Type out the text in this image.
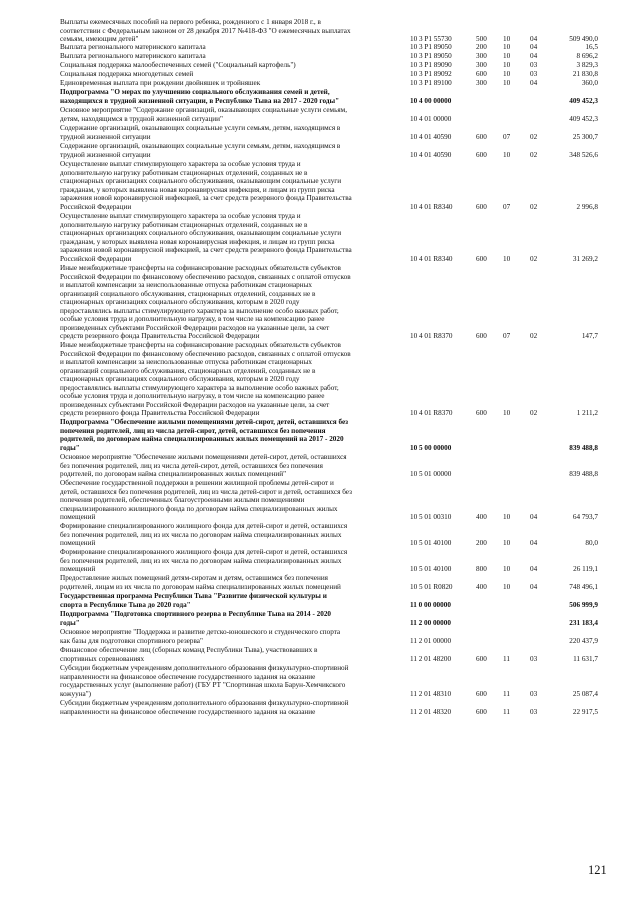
Выплаты ежемесячных пособий на первого ребенка, рожденного с 1 января 2018 г., в
соответствии с Федеральным законом от 28 декабря 2017 №418-ФЗ "О ежемесячных выплатах
семьям, имеющим детей"	10 3 P1 55730	500	10	04	509 490,0
Выплата регионального материнского капитала	10 3 P1 89050	200	10	04	16,5
Выплата регионального материнского капитала	10 3 P1 89050	300	10	04	8 696,2
Социальная поддержка малообеспеченных семей ("Социальный картофель")	10 3 P1 89090	300	10	03	3 829,3
Социальная поддержка многодетных семей	10 3 P1 89092	600	10	03	21 830,8
Единовременная выплата при рождении двойняшек и тройняшек	10 3 P1 89100	300	10	04	360,0
Подпрограмма "О мерах по улучшению социального обслуживания семей и детей,
находящихся в трудной жизненной ситуации, в Республике Тыва на 2017 - 2020 годы"	10 4 00 00000	409 452,3
Основное мероприятие "Содержание организаций, оказывающих социальные услуги семьям,
детям, находящимся в трудной жизненной ситуации"	10 4 01 00000	409 452,3
Содержание организаций, оказывающих социальные услуги семьям, детям, находящимся в
трудной жизненной ситуации	10 4 01 40590	600	07	02	25 300,7
Содержание организаций, оказывающих социальные услуги семьям, детям, находящимся в
трудной жизненной ситуации	10 4 01 40590	600	10	02	348 526,6
Осуществление выплат стимулирующего характера за особые условия труда и
дополнительную нагрузку работникам стационарных отделений, созданных не в
стационарных организациях социального обслуживания, оказывающим социальные услуги
гражданам, у которых выявлена новая коронавирусная инфекция, и лицам из групп риска
заражения новой коронавирусной инфекцией, за счет средств резервного фонда Правительства
Российской Федерации	10 4 01 R8340	600	07	02	2 996,8
Осуществление выплат стимулирующего характера за особые условия труда и
дополнительную нагрузку работникам стационарных отделений, созданных не в
стационарных организациях социального обслуживания, оказывающим социальные услуги
гражданам, у которых выявлена новая коронавирусная инфекция, и лицам из групп риска
заражения новой коронавирусной инфекцией, за счет средств резервного фонда Правительства
Российской Федерации	10 4 01 R8340	600	10	02	31 269,2
Иные межбюджетные трансферты на софинансирование расходных обязательств субъектов
Российской Федерации по финансовому обеспечению расходов, связанных с оплатой отпусков
и выплатой компенсации за неиспользованные отпуска работникам стационарных
организаций социального обслуживания, стационарных отделений, созданных не в
стационарных организациях социального обслуживания, которым в 2020 году
предоставлялись выплаты стимулирующего характера за выполнение особо важных работ,
особые условия труда и дополнительную нагрузку, в том числе на компенсацию ранее
произведенных субъектами Российской Федерации расходов на указанные цели, за счет
средств резервного фонда Правительства Российской Федерации	10 4 01 R8370	600	07	02	147,7
Иные межбюджетные трансферты на софинансирование расходных обязательств субъектов
Российской Федерации по финансовому обеспечению расходов, связанных с оплатой отпусков
и выплатой компенсации за неиспользованные отпуска работникам стационарных
организаций социального обслуживания, стационарных отделений, созданных не в
стационарных организациях социального обслуживания, которым в 2020 году
предоставлялись выплаты стимулирующего характера за выполнение особо важных работ,
особые условия труда и дополнительную нагрузку, в том числе на компенсацию ранее
произведенных субъектами Российской Федерации расходов на указанные цели, за счет
средств резервного фонда Правительства Российской Федерации	10 4 01 R8370	600	10	02	1 211,2
Подпрограмма "Обеспечение жилыми помещениями детей-сирот, детей, оставшихся без
попечения родителей, лиц из числа детей-сирот, детей, оставшихся без попечения
родителей, по договорам найма специализированных жилых помещений на 2017 - 2020
годы"	10 5 00 00000	839 488,8
Основное мероприятие "Обеспечение жилыми помещениями детей-сирот, детей, оставшихся
без попечения родителей, лиц из числа детей-сирот, детей, оставшихся без попечения
родителей, по договорам найма специализированных жилых помещений"	10 5 01 00000	839 488,8
Обеспечение государственной поддержки в решении жилищной проблемы детей-сирот и
детей, оставшихся без попечения родителей, лиц из числа детей-сирот и детей, оставшихся без
попечения родителей, обеспеченных благоустроенными жилыми помещениями
специализированного жилищного фонда по договорам найма специализированных жилых
помещений	10 5 01 00310	400	10	04	64 793,7
Формирование специализированного жилищного фонда для детей-сирот и детей, оставшихся
без попечения родителей, лиц из их числа по договорам найма специализированных жилых
помещений	10 5 01 40100	200	10	04	80,0
Формирование специализированного жилищного фонда для детей-сирот и детей, оставшихся
без попечения родителей, лиц из их числа по договорам найма специализированных жилых
помещений	10 5 01 40100	800	10	04	26 119,1
Предоставление жилых помещений детям-сиротам и детям, оставшимся без попечения
родителей, лицам из их числа по договорам найма специализированных жилых помещений	10 5 01 R0820	400	10	04	748 496,1
Государственная программа Республики Тыва "Развитие физической культуры и
спорта в Республике Тыва до 2020 года"	11 0 00 00000	506 999,9
Подпрограмма "Подготовка спортивного резерва в Республике Тыва на 2014 - 2020
годы"	11 2 00 00000	231 183,4
Основное мероприятие "Поддержка и развитие детско-юношеского и студенческого спорта
как базы для подготовки спортивного резерва"	11 2 01 00000	220 437,9
Финансовое обеспечение лиц (сборных команд Республики Тыва), участвовавших в
спортивных соревнованиях	11 2 01 48200	600	11	03	11 631,7
Субсидии бюджетным учреждениям дополнительного образования физкультурно-спортивной
направленности на финансовое обеспечение государственного задания на оказание
государственных услуг (выполнение работ) (ГБУ РТ "Спортивная школа Барун-Хемчикского
кожууна")	11 2 01 48310	600	11	03	25 087,4
Субсидии бюджетным учреждениям дополнительного образования физкультурно-спортивной
направленности на финансовое обеспечение государственного задания на оказание	11 2 01 48320	600	11	03	22 917,5
121
